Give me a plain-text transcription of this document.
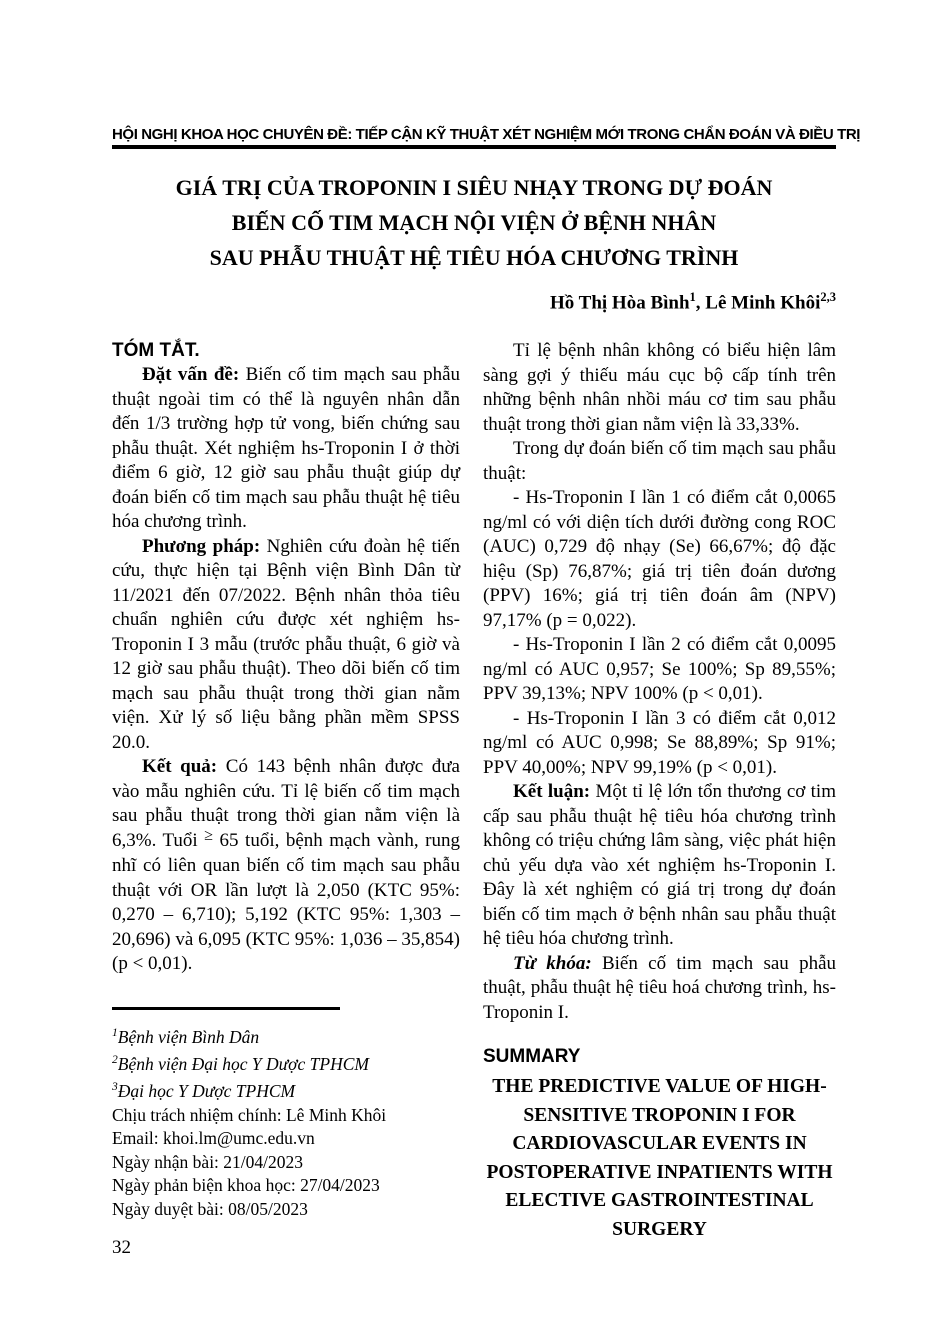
HỘI NGHỊ KHOA HỌC CHUYÊN ĐỀ: TIẾP CẬN KỸ THUẬT XÉT NGHIỆM MỚI TRONG CHẨN ĐOÁN VÀ ĐIỀU TRỊ
GIÁ TRỊ CỦA TROPONIN I SIÊU NHẠY TRONG DỰ ĐOÁN
BIẾN CỐ TIM MẠCH NỘI VIỆN Ở BỆNH NHÂN
SAU PHẪU THUẬT HỆ TIÊU HÓA CHƯƠNG TRÌNH
Hồ Thị Hòa Bình$^1$, Lê Minh Khôi$^{2,3}$
TÓM TẮT.

Đặt vấn đề: Biến cố tim mạch sau phẫu thuật ngoài tim có thể là nguyên nhân dẫn đến 1/3 trường hợp tử vong, biến chứng sau phẫu thuật. Xét nghiệm hs-Troponin I ở thời điểm 6 giờ, 12 giờ sau phẫu thuật giúp dự đoán biến cố tim mạch sau phẫu thuật hệ tiêu hóa chương trình.

Phương pháp: Nghiên cứu đoàn hệ tiến cứu, thực hiện tại Bệnh viện Bình Dân từ 11/2021 đến 07/2022. Bệnh nhân thỏa tiêu chuẩn nghiên cứu được xét nghiệm hs-Troponin I 3 mẫu (trước phẫu thuật, 6 giờ và 12 giờ sau phẫu thuật). Theo dõi biến cố tim mạch sau phẫu thuật trong thời gian nằm viện. Xử lý số liệu bằng phần mềm SPSS 20.0.

Kết quả: Có 143 bệnh nhân được đưa vào mẫu nghiên cứu. Tỉ lệ biến cố tim mạch sau phẫu thuật trong thời gian nằm viện là 6,3%. Tuổi ≥ 65 tuổi, bệnh mạch vành, rung nhĩ có liên quan biến cố tim mạch sau phẫu thuật với OR lần lượt là 2,050 (KTC 95%: 0,270 – 6,710); 5,192 (KTC 95%: 1,303 – 20,696) và 6,095 (KTC 95%: 1,036 – 35,854) (p < 0,01).

$^1$Bệnh viện Bình Dân
$^2$Bệnh viện Đại học Y Dược TPHCM
$^3$Đại học Y Dược TPHCM
Chịu trách nhiệm chính: Lê Minh Khôi
Email: khoi.lm@umc.edu.vn
Ngày nhận bài: 21/04/2023
Ngày phản biện khoa học: 27/04/2023
Ngày duyệt bài: 08/05/2023
32

Tỉ lệ bệnh nhân không có biểu hiện lâm sàng gợi ý thiếu máu cục bộ cấp tính trên những bệnh nhân nhồi máu cơ tim sau phẫu thuật trong thời gian nằm viện là 33,33%.

Trong dự đoán biến cố tim mạch sau phẫu thuật:

- Hs-Troponin I lần 1 có điểm cắt 0,0065 ng/ml có với diện tích dưới đường cong ROC (AUC) 0,729 độ nhạy (Se) 66,67%; độ đặc hiệu (Sp) 76,87%; giá trị tiên đoán dương (PPV) 16%; giá trị tiên đoán âm (NPV) 97,17% (p = 0,022).

- Hs-Troponin I lần 2 có điểm cắt 0,0095 ng/ml có AUC 0,957; Se 100%; Sp 89,55%; PPV 39,13%; NPV 100% (p < 0,01).

- Hs-Troponin I lần 3 có điểm cắt 0,012 ng/ml có AUC 0,998; Se 88,89%; Sp 91%; PPV 40,00%; NPV 99,19% (p < 0,01).

Kết luận: Một tỉ lệ lớn tổn thương cơ tim cấp sau phẫu thuật hệ tiêu hóa chương trình không có triệu chứng lâm sàng, việc phát hiện chủ yếu dựa vào xét nghiệm hs-Troponin I. Đây là xét nghiệm có giá trị trong dự đoán biến cố tim mạch ở bệnh nhân sau phẫu thuật hệ tiêu hóa chương trình.

Từ khóa: Biến cố tim mạch sau phẫu thuật, phẫu thuật hệ tiêu hoá chương trình, hs-Troponin I.

SUMMARY
THE PREDICTIVE VALUE OF HIGH-
SENSITIVE TROPONIN I FOR
CARDIOVASCULAR EVENTS IN
POSTOPERATIVE INPATIENTS WITH
ELECTIVE GASTROINTESTINAL
SURGERY
